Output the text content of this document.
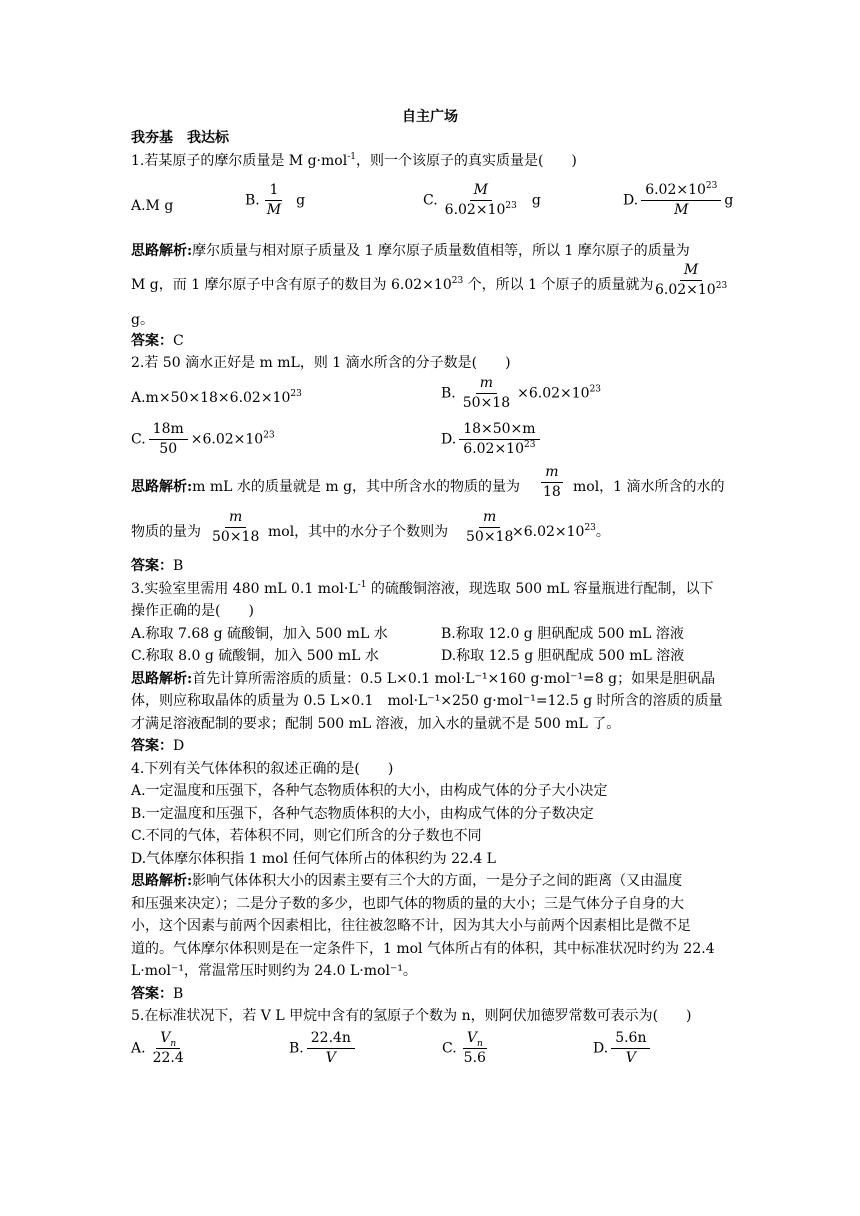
自主广场
我夯基　我达标
1.若某原子的摩尔质量是 M g·mol$^{-1}$，则一个该原子的真实质量是(　　)
A.M g	B. $\frac{1}{M}$ g	C. $\frac{M}{6.02\times 10^{23}}$ g	D. $\frac{6.02\times 10^{23}}{M}$ g
思路解析:摩尔质量与相对原子质量及 1 摩尔原子质量数值相等，所以 1 摩尔原子的质量为
M g，而 1 摩尔原子中含有原子的数目为 $6.02\times 10^{23}$ 个，所以 1 个原子的质量就为
$\frac{M}{6.02\times 10^{23}}$
g。
答案：C
2.若 50 滴水正好是 m mL，则 1 滴水所含的分子数是(　　)
$A.m\times 50\times 18\times 6.02\times 10^{23}$	B. $\frac{m}{50\times 18} \times 6.02\times 10^{23}$
C. $\frac{18m}{50} \times 6.02\times 10^{23}$	D. $\frac{18\times 50\times m}{6.02\times 10^{23}}$
思路解析:m mL 水的质量就是 m g，其中所含水的物质的量为 $\frac{m}{18}$ mol，1 滴水所含的水的
物质的量为 $\frac{m}{50\times 18}$ mol，其中的水分子个数则为 $\frac{m}{50\times 18}$
$\times 6.02\times 10^{23}$。
答案：B
3.实验室里需用 480 mL 0.1 $mol\cdot L^{-1}$ 的硫酸铜溶液，现选取 500 mL 容量瓶进行配制，以下
操作正确的是(　　)
A.称取 7.68 g 硫酸铜，加入 500 mL 水	B.称取 12.0 g 胆矾配成 500 mL 溶液
C.称取 8.0 g 硫酸铜，加入 500 mL 水	D.称取 12.5 g 胆矾配成 500 mL 溶液
思路解析:首先计算所需溶质的质量：0.5 L×0.1 mol·L⁻¹×160 g·mol⁻¹=8 g；如果是胆矾晶
体，则应称取晶体的质量为 0.5 L×0.1　mol·L⁻¹×250 g·mol⁻¹=12.5 g 时所含的溶质的质量
才满足溶液配制的要求；配制 500 mL 溶液，加入水的量就不是 500 mL 了。
答案：D
4.下列有关气体体积的叙述正确的是(　　)
A.一定温度和压强下，各种气态物质体积的大小，由构成气体的分子大小决定
B.一定温度和压强下，各种气态物质体积的大小，由构成气体的分子数决定
C.不同的气体，若体积不同，则它们所含的分子数也不同
D.气体摩尔体积指 1 mol 任何气体所占的体积约为 22.4 L
思路解析:影响气体体积大小的因素主要有三个大的方面，一是分子之间的距离（又由温度
和压强来决定）；二是分子数的多少，也即气体的物质的量的大小；三是气体分子自身的大
小，这个因素与前两个因素相比，往往被忽略不计，因为其大小与前两个因素相比是微不足
道的。气体摩尔体积则是在一定条件下，1 mol 气体所占有的体积，其中标准状况时约为 22.4
L·mol⁻¹，常温常压时则约为 24.0 L·mol⁻¹。
答案：B
5.在标准状况下，若 V L 甲烷中含有的氢原子个数为 n，则阿伏加德罗常数可表示为(　　)
A. $\frac{V_n}{22.4}$	B. $\frac{22.4n}{V}$	C. $\frac{V_n}{5.6}$	D. $\frac{5.6n}{V}$
